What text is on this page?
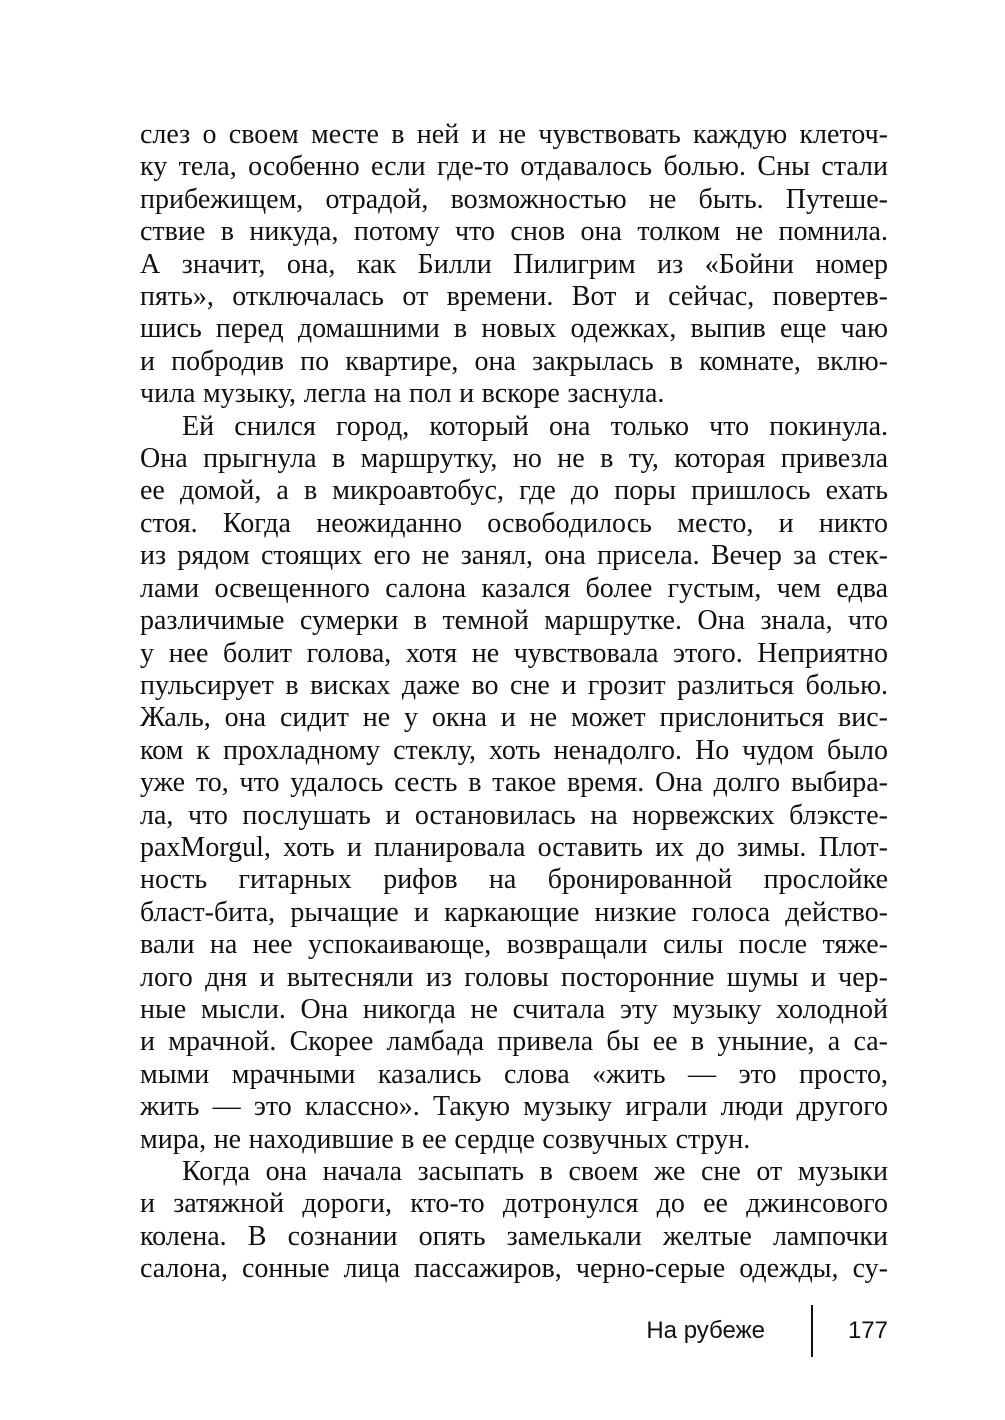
слез о своем месте в ней и не чувствовать каждую клеточ-
ку тела, особенно если где-то отдавалось болью. Сны стали
прибежищем, отрадой, возможностью не быть. Путеше-
ствие в никуда, потому что снов она толком не помнила.
А значит, она, как Билли Пилигрим из «Бойни номер
пять», отключалась от времени. Вот и сейчас, повертев-
шись перед домашними в новых одежках, выпив еще чаю
и побродив по квартире, она закрылась в комнате, вклю-
чила музыку, легла на пол и вскоре заснула.
Ей снился город, который она только что покинула.
Она прыгнула в маршрутку, но не в ту, которая привезла
ее домой, а в микроавтобус, где до поры пришлось ехать
стоя. Когда неожиданно освободилось место, и никто
из рядом стоящих его не занял, она присела. Вечер за стек-
лами освещенного салона казался более густым, чем едва
различимые сумерки в темной маршрутке. Она знала, что
у нее болит голова, хотя не чувствовала этого. Неприятно
пульсирует в висках даже во сне и грозит разлиться болью.
Жаль, она сидит не у окна и не может прислониться вис-
ком к прохладному стеклу, хоть ненадолго. Но чудом было
уже то, что удалось сесть в такое время. Она долго выбира-
ла, что послушать и остановилась на норвежских блэксте-
рахMorgul, хоть и планировала оставить их до зимы. Плот-
ность гитарных рифов на бронированной прослойке
бласт-бита, рычащие и каркающие низкие голоса действо-
вали на нее успокаивающе, возвращали силы после тяже-
лого дня и вытесняли из головы посторонние шумы и чер-
ные мысли. Она никогда не считала эту музыку холодной
и мрачной. Скорее ламбада привела бы ее в уныние, а са-
мыми мрачными казались слова «жить — это просто,
жить — это классно». Такую музыку играли люди другого
мира, не находившие в ее сердце созвучных струн.
Когда она начала засыпать в своем же сне от музыки
и затяжной дороги, кто-то дотронулся до ее джинсового
колена. В сознании опять замелькали желтые лампочки
салона, сонные лица пассажиров, черно-серые одежды, су-
На рубеже	177
